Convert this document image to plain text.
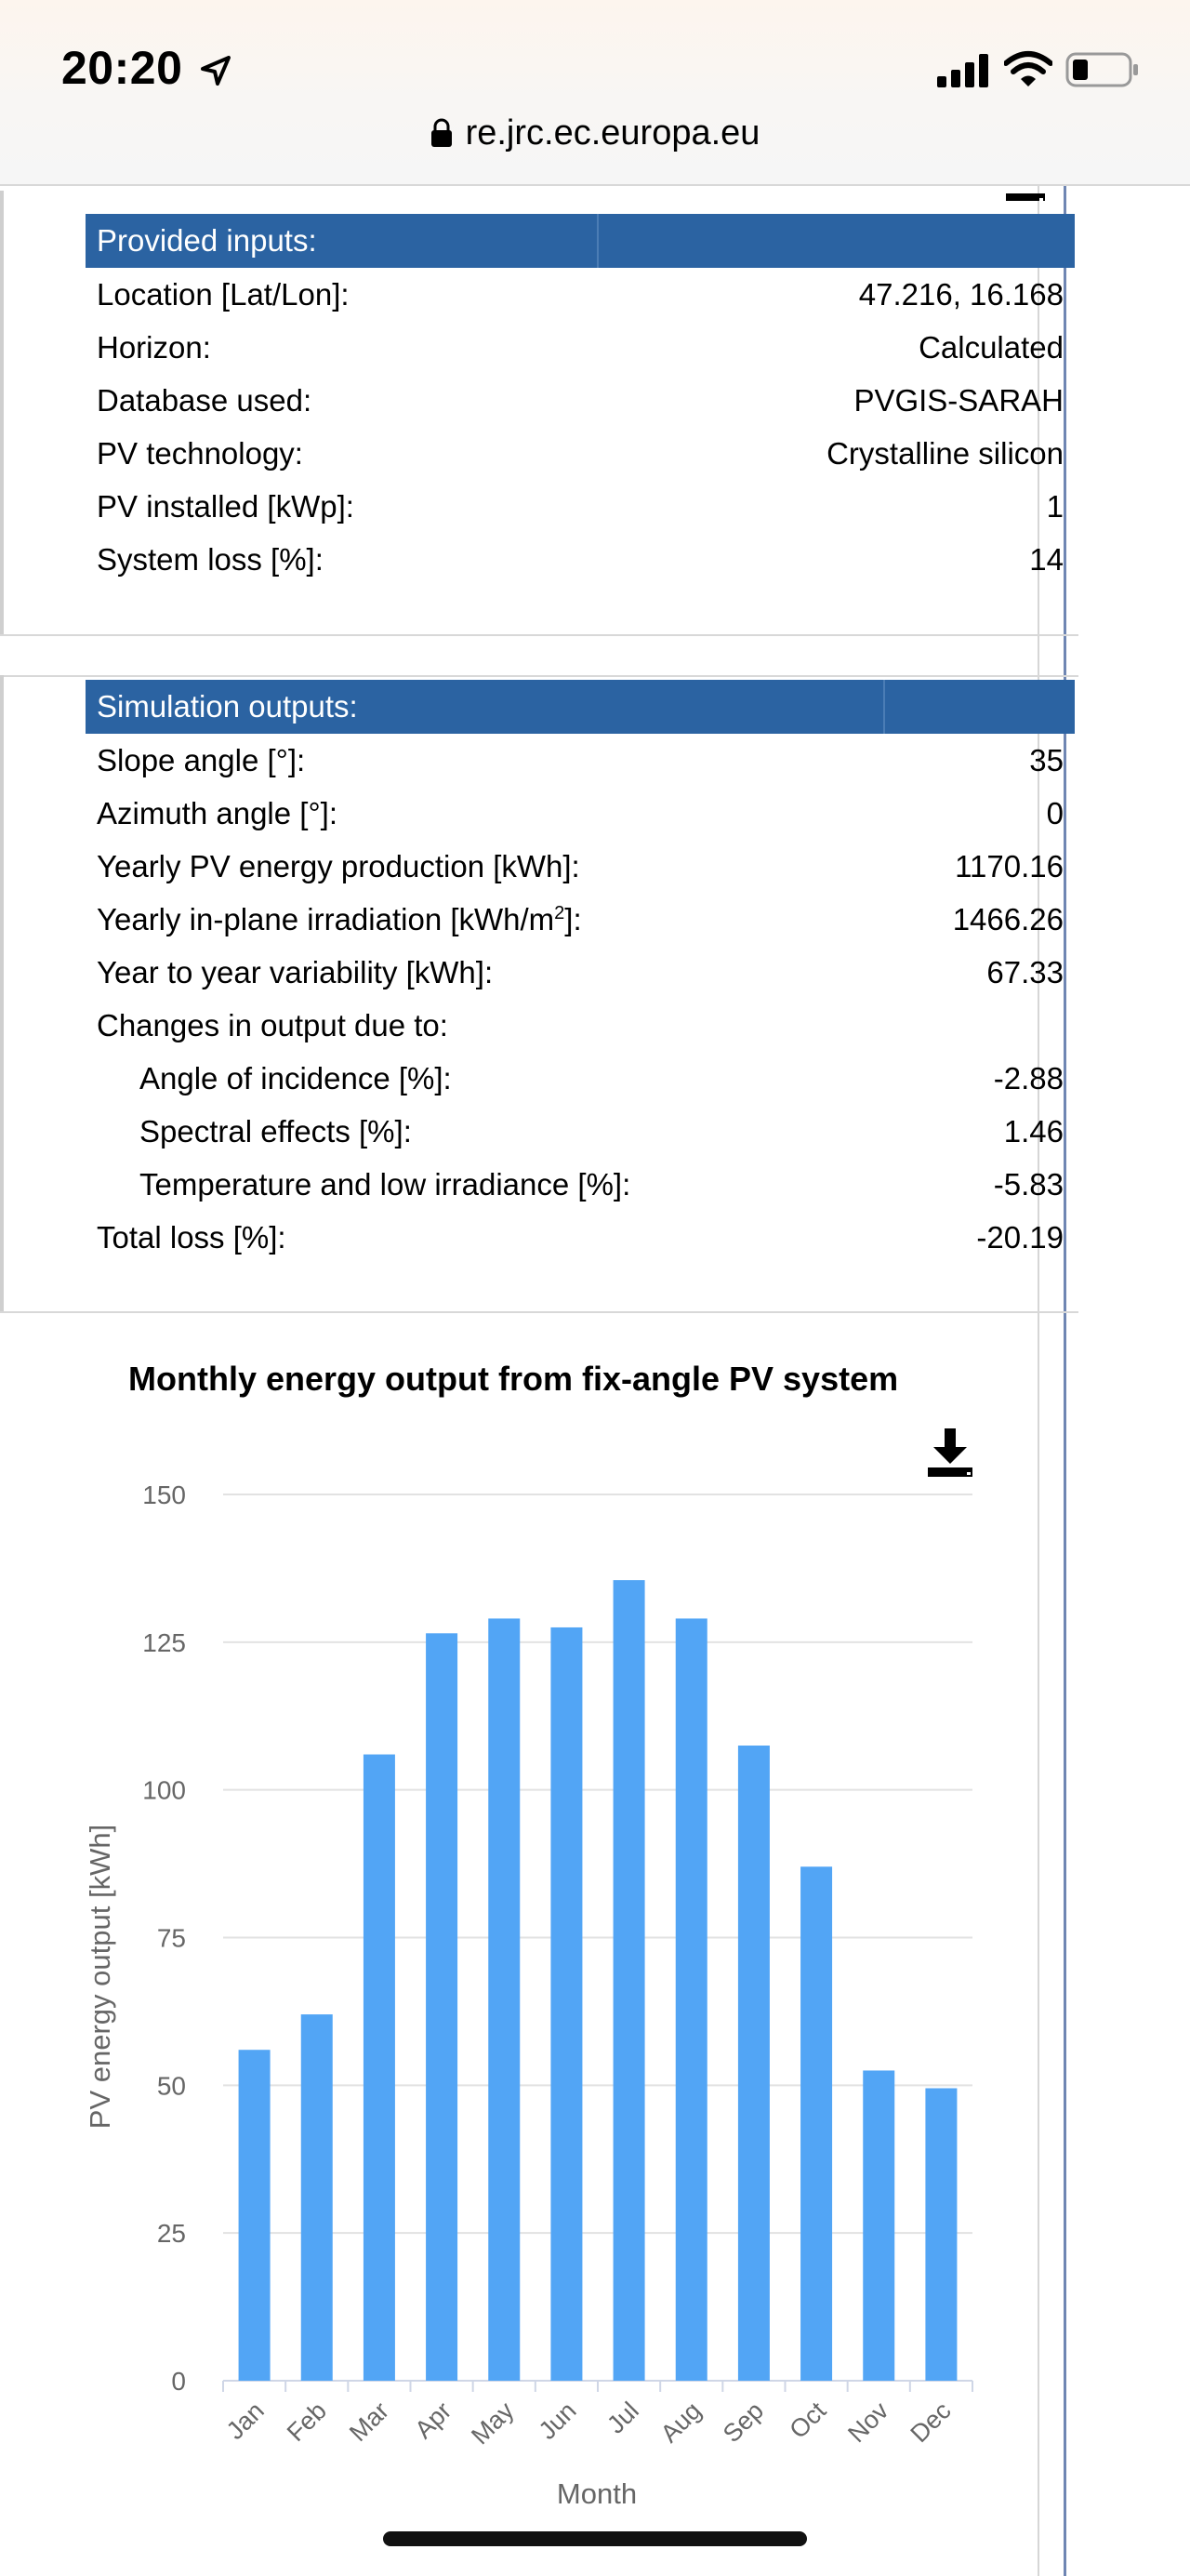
20:20
re.jrc.ec.europa.eu
Provided inputs:
Location [Lat/Lon]:	47.216, 16.168
Horizon:	Calculated
Database used:	PVGIS-SARAH
PV technology:	Crystalline silicon
PV installed [kWp]:	1
System loss [%]:	14
Simulation outputs:
Slope angle [°]:	35
Azimuth angle [°]:	0
Yearly PV energy production [kWh]:	1170.16
Yearly in-plane irradiation $[kWh/m^2]$:	1466.26
Year to year variability [kWh]:	67.33
Changes in output due to:
Angle of incidence [%]:	-2.88
Spectral effects [%]:	1.46
Temperature and low irradiance [%]:	-5.83
Total loss [%]:	-20.19
Monthly energy output from fix-angle PV system
0
25
50
75
100
125
150
Jan Feb Mar Apr May Jun Jul Aug Sep Oct Nov Dec
Month
PV energy output [kWh]
